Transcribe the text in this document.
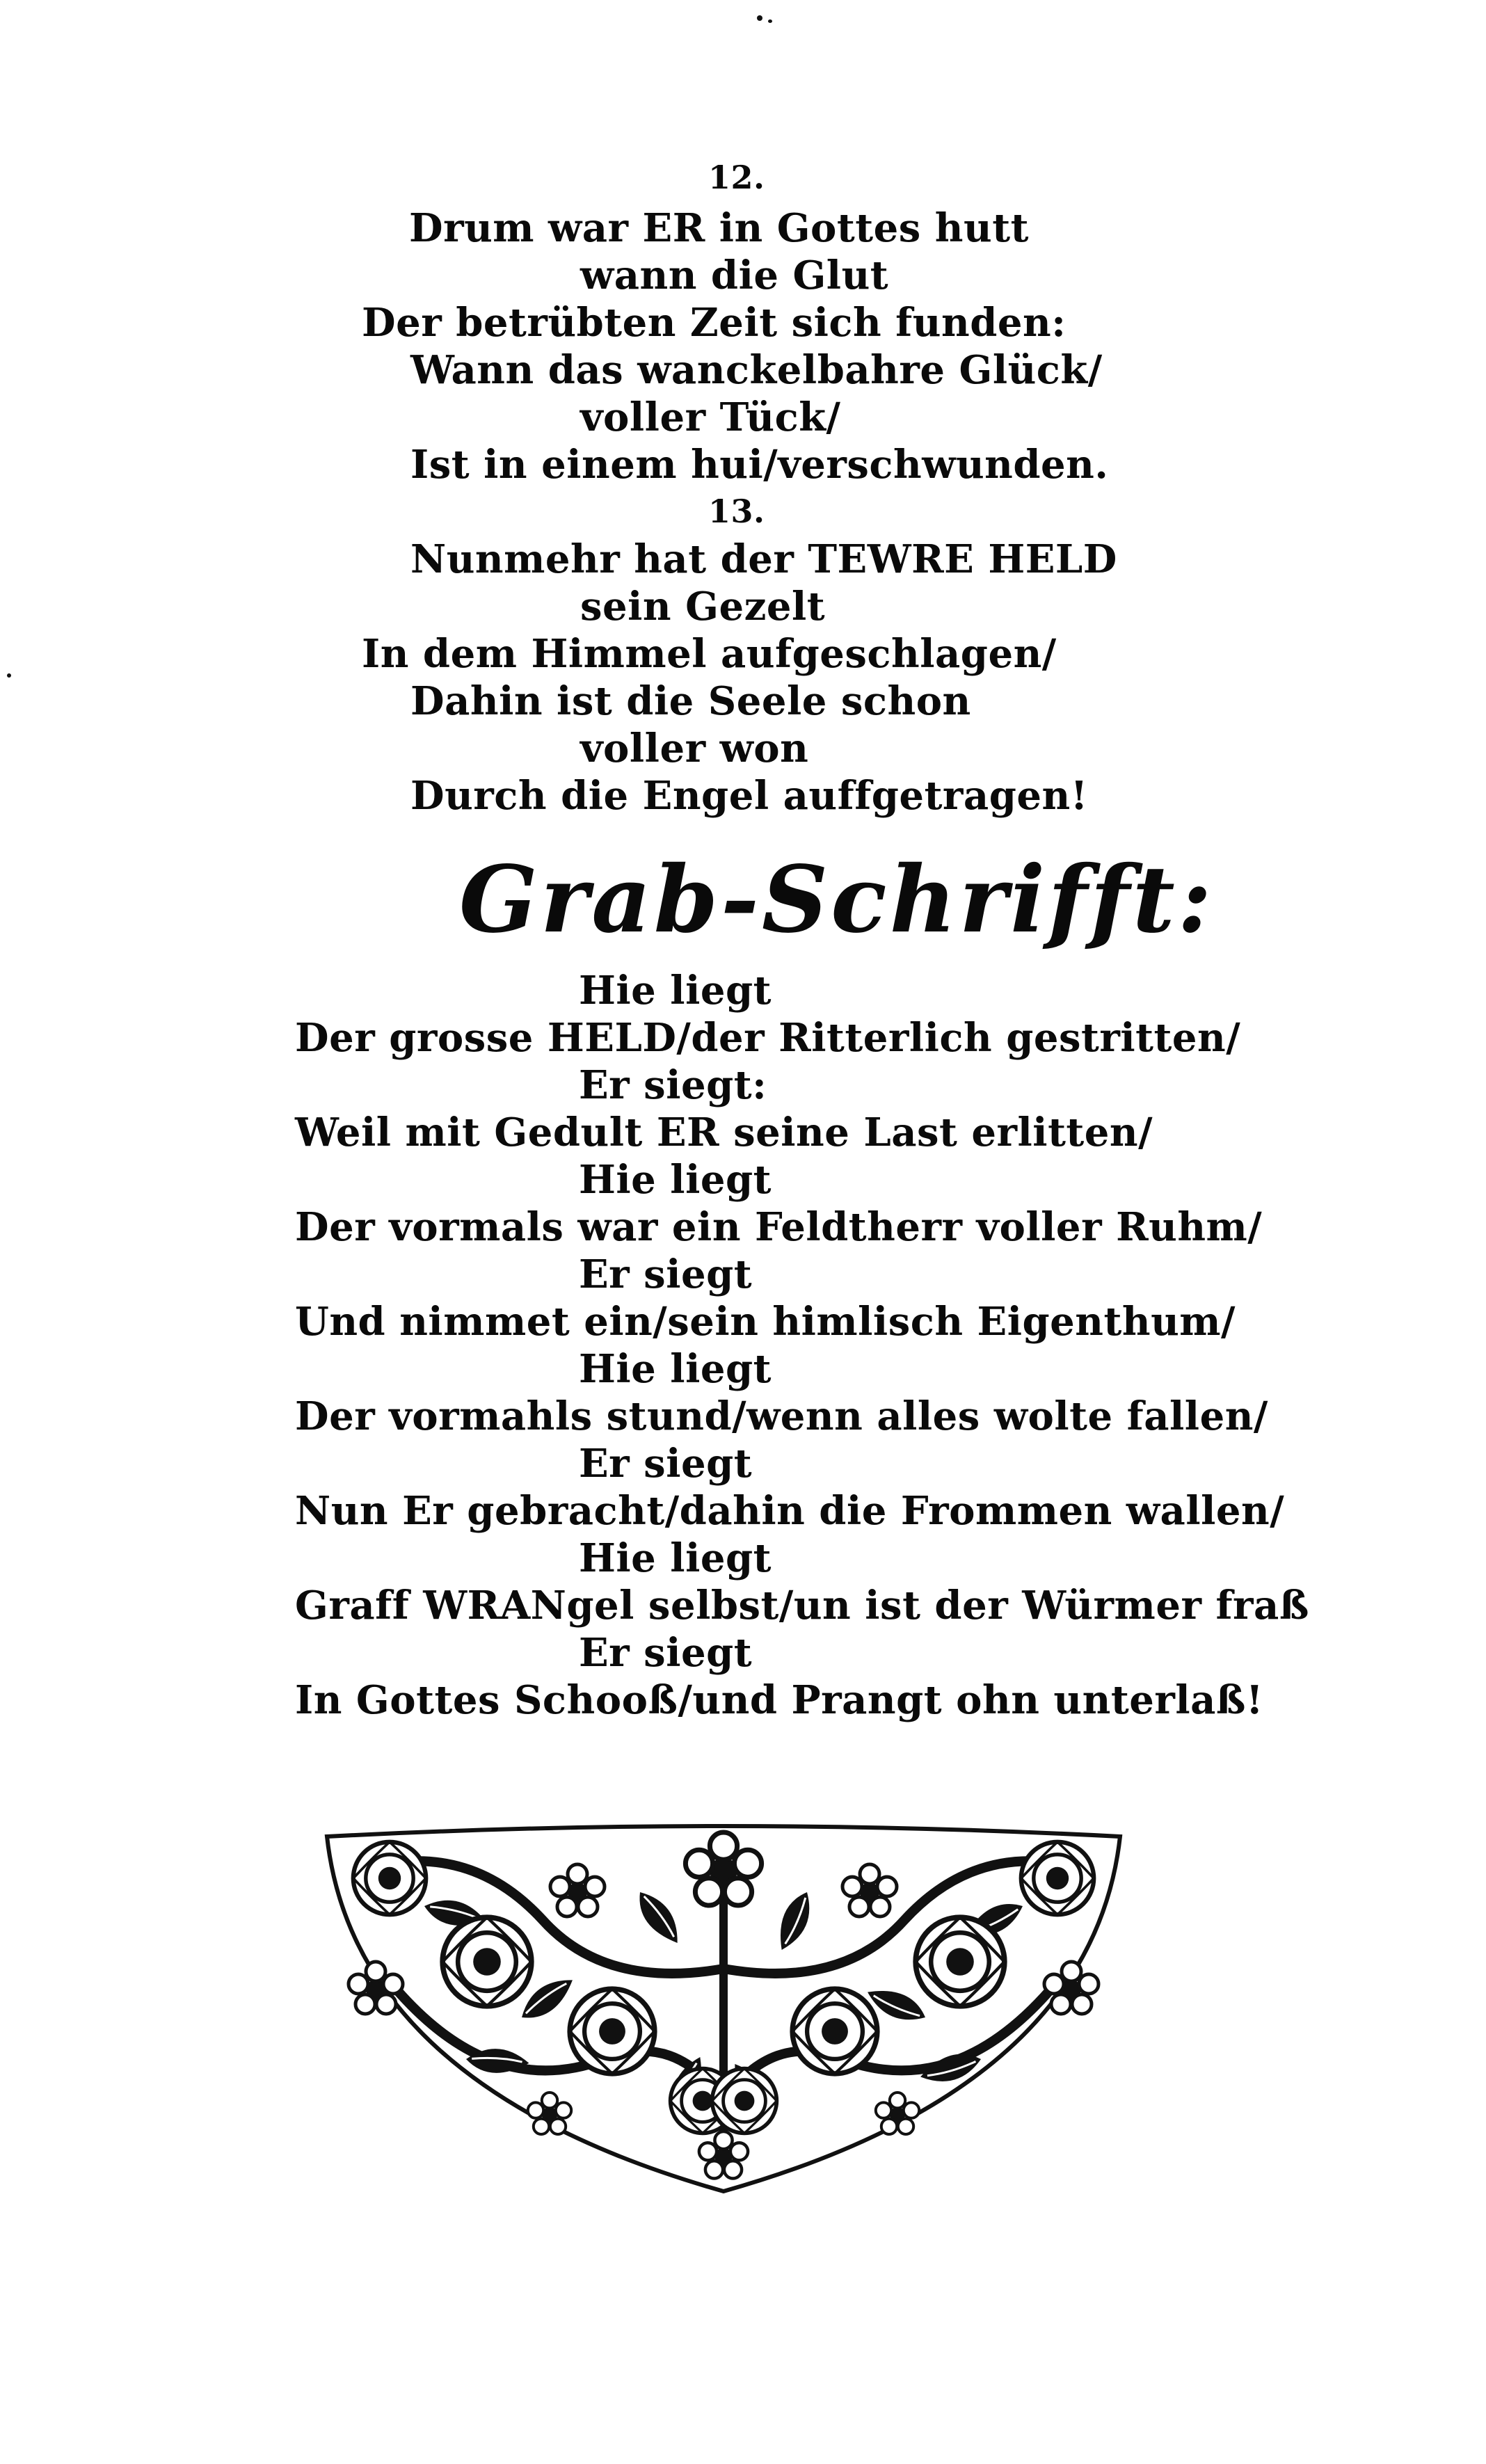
12.
Drum war ER in Gottes hutt
wann die Glut
Der betrübten Zeit sich funden:
Wann das wanckelbahre Glück/
voller Tück/
Ist in einem hui/verschwunden.
13.
Nunmehr hat der TEWRE HELD
sein Gezelt
In dem Himmel aufgeschlagen/
Dahin ist die Seele schon
voller won
Durch die Engel auffgetragen!
Grab-Schrifft:
Hie liegt
Der grosse HELD/der Ritterlich gestritten/
Er siegt:
Weil mit Gedult ER seine Last erlitten/
Hie liegt
Der vormals war ein Feldtherr voller Ruhm/
Er siegt
Und nimmet ein/sein himlisch Eigenthum/
Hie liegt
Der vormahls stund/wenn alles wolte fallen/
Er siegt
Nun Er gebracht/dahin die Frommen wallen/
Hie liegt
Graff WRANgel selbst/un ist der Würmer fraß
Er siegt
In Gottes Schooß/und Prangt ohn unterlaß!
